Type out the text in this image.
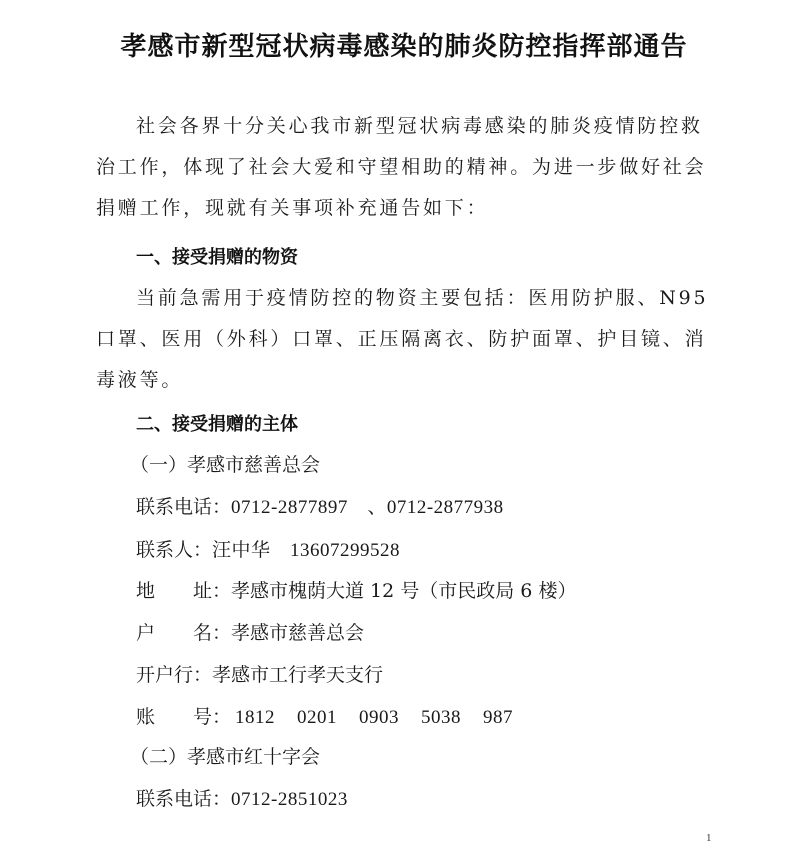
孝感市新型冠状病毒感染的肺炎防控指挥部通告
社会各界十分关心我市新型冠状病毒感染的肺炎疫情防控救治工作，体现了社会大爱和守望相助的精神。为进一步做好社会捐赠工作，现就有关事项补充通告如下：
一、接受捐赠的物资
当前急需用于疫情防控的物资主要包括：医用防护服、N95 口罩、医用（外科）口罩、正压隔离衣、防护面罩、护目镜、消毒液等。
二、接受捐赠的主体
（一）孝感市慈善总会
联系电话：0712-2877897　、0712-2877938
联系人：汪中华　13607299528
地　　址：孝感市槐荫大道 12 号（市民政局 6 楼）
户　　名：孝感市慈善总会
开户行：孝感市工行孝天支行
账　　号： 1812 0201 0903 5038 987
（二）孝感市红十字会
联系电话：0712-2851023
1
